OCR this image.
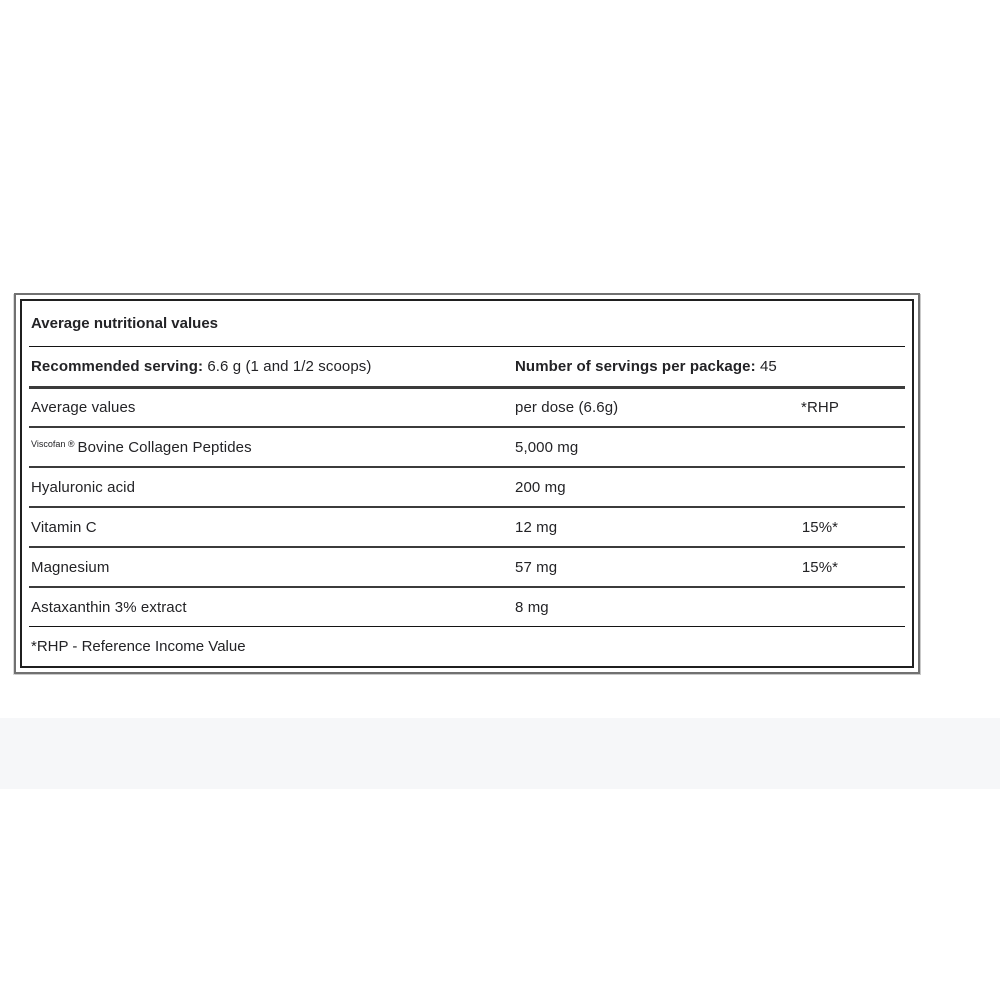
Average nutritional values
Recommended serving: 6.6 g (1 and 1/2 scoops)	Number of servings per package: 45
Average values	per dose (6.6g)	*RHP
$^{Viscofan ®}$ Bovine Collagen Peptides	5,000 mg
Hyaluronic acid	200 mg
Vitamin C	12 mg	15%*
Magnesium	57 mg	15%*
Astaxanthin 3% extract	8 mg
*RHP - Reference Income Value
